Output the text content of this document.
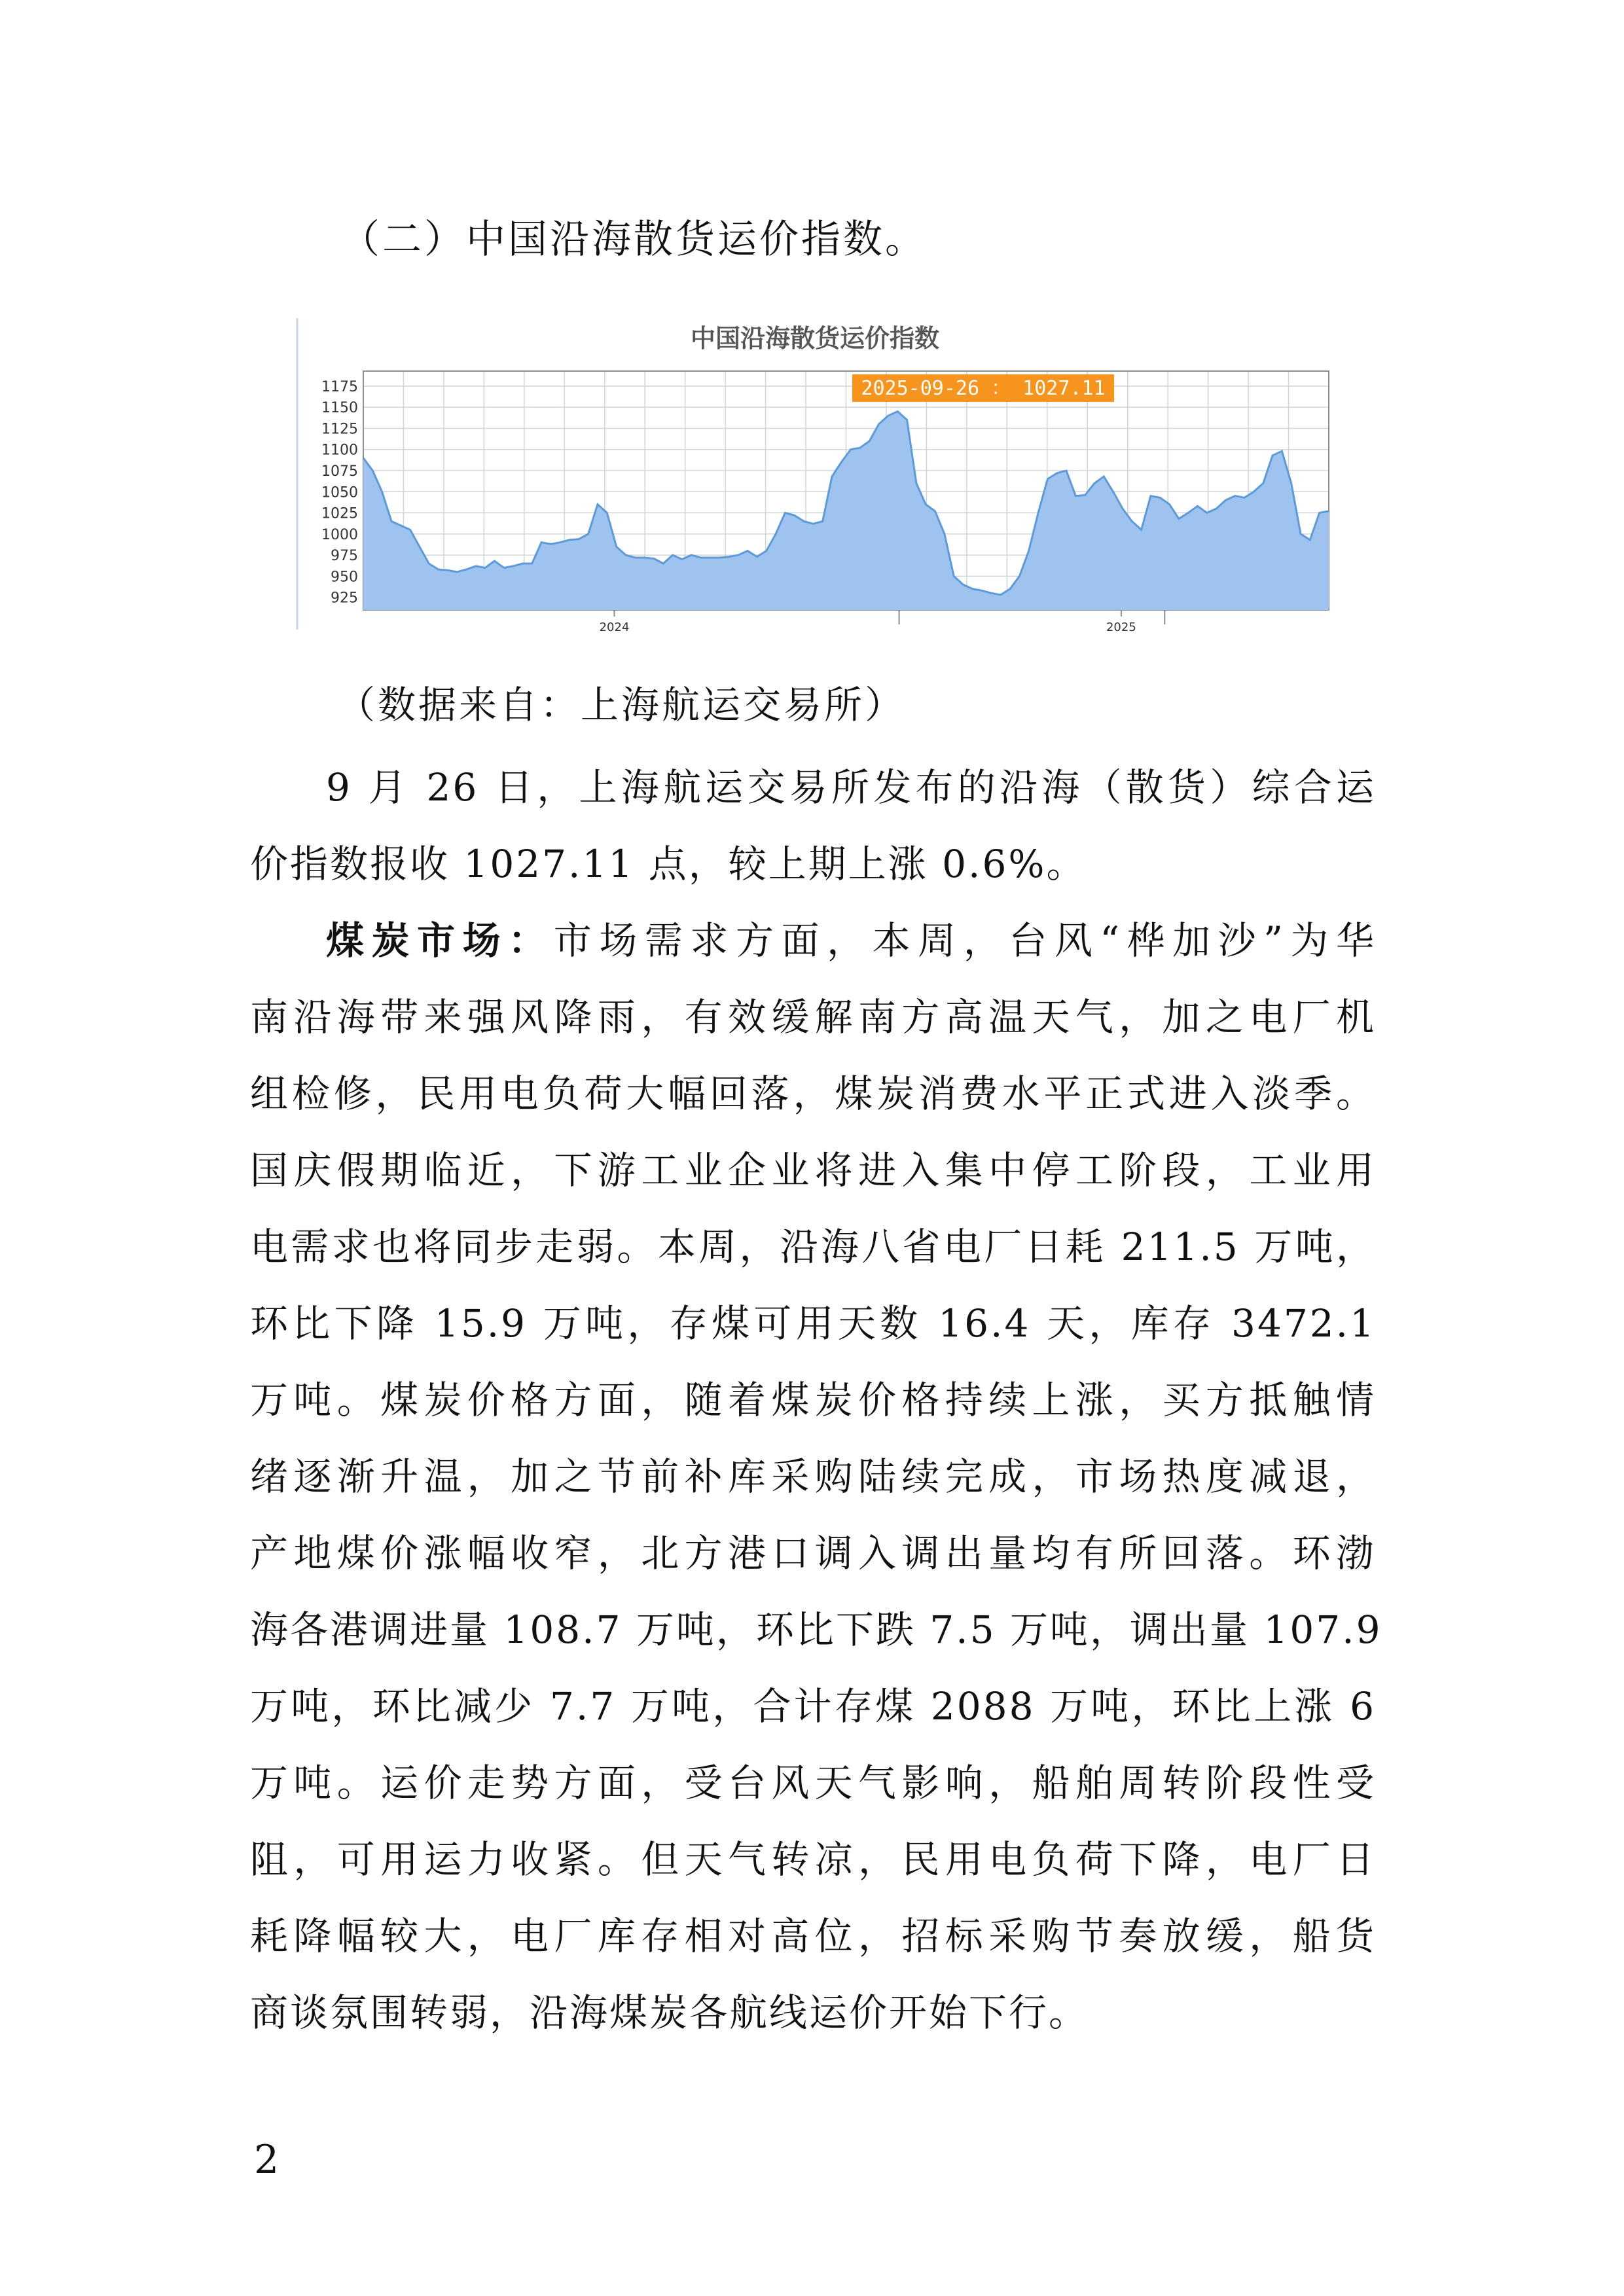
（二）中国沿海散货运价指数。
中国沿海散货运价指数
1175
1150
1125
1100
1075
1050
1025
1000
975
950
925
2024	2025
2025-09-26 ： 1027.11
（数据来自：上海航运交易所）
9 月 26 日，上海航运交易所发布的沿海（散货）综合运
价指数报收 1027.11 点，较上期上涨 0.6%。
煤炭市场：市场需求方面，本周，台风“桦加沙”为华
南沿海带来强风降雨，有效缓解南方高温天气，加之电厂机
组检修，民用电负荷大幅回落，煤炭消费水平正式进入淡季。
国庆假期临近，下游工业企业将进入集中停工阶段，工业用
电需求也将同步走弱。本周，沿海八省电厂日耗 211.5 万吨，
环比下降 15.9 万吨，存煤可用天数 16.4 天，库存 3472.1
万吨。煤炭价格方面，随着煤炭价格持续上涨，买方抵触情
绪逐渐升温，加之节前补库采购陆续完成，市场热度减退，
产地煤价涨幅收窄，北方港口调入调出量均有所回落。环渤
海各港调进量 108.7 万吨，环比下跌 7.5 万吨，调出量 107.9
万吨，环比减少 7.7 万吨，合计存煤 2088 万吨，环比上涨 6
万吨。运价走势方面，受台风天气影响，船舶周转阶段性受
阻，可用运力收紧。但天气转凉，民用电负荷下降，电厂日
耗降幅较大，电厂库存相对高位，招标采购节奏放缓，船货
商谈氛围转弱，沿海煤炭各航线运价开始下行。
2
